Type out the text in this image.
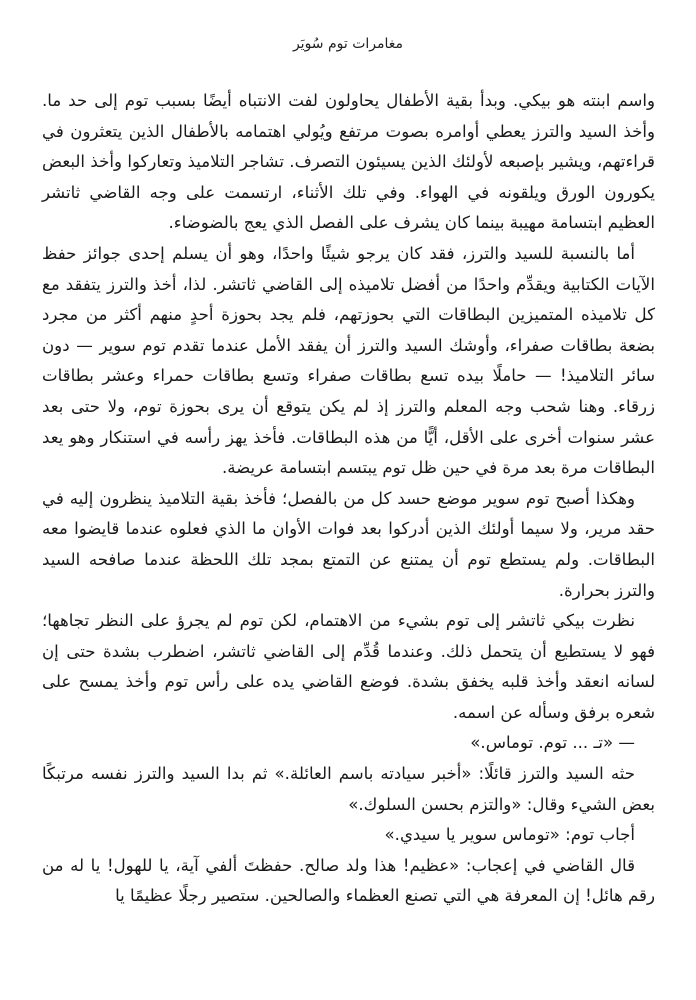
مغامرات توم سُويَر

واسم ابنته هو بيكي. وبدأ بقية الأطفال يحاولون لفت الانتباه أيضًا بسبب توم إلى حد ما. وأخذ السيد والترز يعطي أوامره بصوت مرتفع ويُولي اهتمامه بالأطفال الذين يتعثرون في قراءتهم، ويشير بإصبعه لأولئك الذين يسيئون التصرف. تشاجر التلاميذ وتعاركوا وأخذ البعض يكورون الورق ويلقونه في الهواء. وفي تلك الأثناء، ارتسمت على وجه القاضي ثاتشر العظيم ابتسامة مهيبة بينما كان يشرف على الفصل الذي يعج بالضوضاء.

أما بالنسبة للسيد والترز، فقد كان يرجو شيئًا واحدًا، وهو أن يسلم إحدى جوائز حفظ الآيات الكتابية ويقدِّم واحدًا من أفضل تلاميذه إلى القاضي ثاتشر. لذا، أخذ والترز يتفقد مع كل تلاميذه المتميزين البطاقات التي بحوزتهم، فلم يجد بحوزة أحدٍ منهم أكثر من مجرد بضعة بطاقات صفراء، وأوشك السيد والترز أن يفقد الأمل عندما تقدم توم سوير — دون سائر التلاميذ! — حاملًا بيده تسع بطاقات صفراء وتسع بطاقات حمراء وعشر بطاقات زرقاء. وهنا شحب وجه المعلم والترز إذ لم يكن يتوقع أن يرى بحوزة توم، ولا حتى بعد عشر سنوات أخرى على الأقل، أيًّا من هذه البطاقات. فأخذ يهز رأسه في استنكار وهو يعد البطاقات مرة بعد مرة في حين ظل توم يبتسم ابتسامة عريضة.

وهكذا أصبح توم سوير موضع حسد كل من بالفصل؛ فأخذ بقية التلاميذ ينظرون إليه في حقد مرير، ولا سيما أولئك الذين أدركوا بعد فوات الأوان ما الذي فعلوه عندما قايضوا معه البطاقات. ولم يستطع توم أن يمتنع عن التمتع بمجد تلك اللحظة عندما صافحه السيد والترز بحرارة.

نظرت بيكي ثاتشر إلى توم بشيء من الاهتمام، لكن توم لم يجرؤ على النظر تجاهها؛ فهو لا يستطيع أن يتحمل ذلك. وعندما قُدِّم إلى القاضي ثاتشر، اضطرب بشدة حتى إن لسانه انعقد وأخذ قلبه يخفق بشدة. فوضع القاضي يده على رأس توم وأخذ يمسح على شعره برفق وسأله عن اسمه.

— «تـ ... توم. توماس.»

حثه السيد والترز قائلًا: «أخبر سيادته باسم العائلة.» ثم بدا السيد والترز نفسه مرتبكًا بعض الشيء وقال: «والتزم بحسن السلوك.»

أجاب توم: «توماس سوير يا سيدي.»

قال القاضي في إعجاب: «عظيم! هذا ولد صالح. حفظتَ ألفي آية، يا للهول! يا له من رقم هائل! إن المعرفة هي التي تصنع العظماء والصالحين. ستصير رجلًا عظيمًا يا
